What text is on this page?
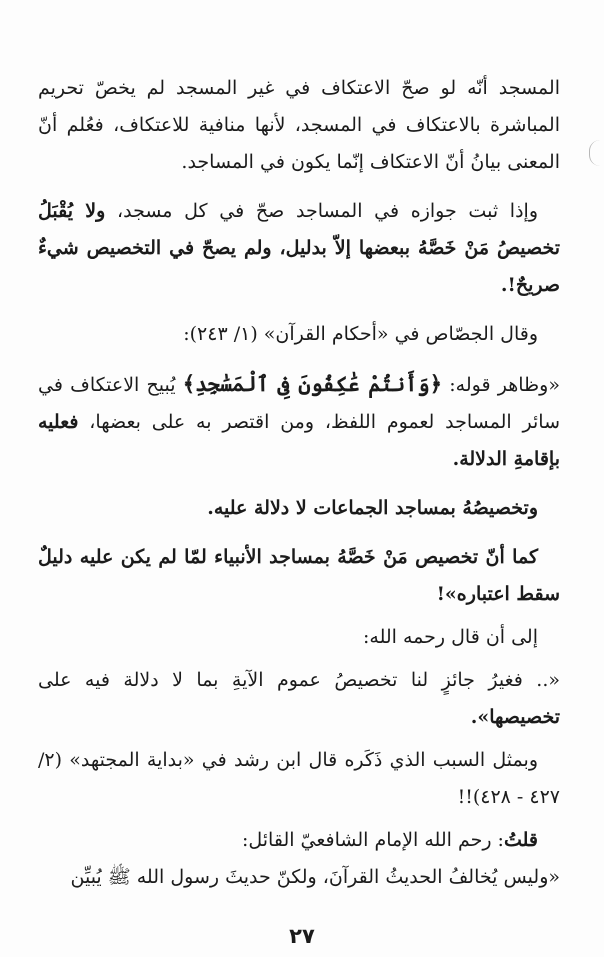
المسجد أنّه لو صحّ الاعتكاف في غير المسجد لم يخصّ تحريم المباشرة بالاعتكاف في المسجد، لأنها منافية للاعتكاف، فعُلم أنّ المعنى بيانُ أنّ الاعتكاف إنّما يكون في المساجد.

وإذا ثبت جوازه في المساجد صحّ في كل مسجد، ولا يُقْبَلُ تخصيصُ مَنْ خَصَّهُ ببعضها إلاّ بدليل، ولم يصحّ في التخصيص شيءٌ صريحٌ!.

وقال الجصّاص في «أحكام القرآن» (١/ ٢٤٣):

«وظاهر قوله: ﴿وَأَنتُمْ عَٰكِفُونَ فِى ٱلْمَسَٰجِدِ﴾ يُبيح الاعتكاف في سائر المساجد لعموم اللفظ، ومن اقتصر به على بعضها، فعليه بإقامةِ الدلالة.

وتخصيصُهُ بمساجد الجماعات لا دلالة عليه.

كما أنّ تخصيص مَنْ خَصَّهُ بمساجد الأنبياء لمّا لم يكن عليه دليلٌ سقط اعتباره»!

إلى أن قال رحمه الله:

«.. فغيرُ جائزٍ لنا تخصيصُ عموم الآيةِ بما لا دلالة فيه على تخصيصها».

وبمثل السبب الذي ذَكَره قال ابن رشد في «بداية المجتهد» (٢/ ٤٢٧ - ٤٢٨)!!

قلتُ: رحم الله الإمام الشافعيّ القائل:

«وليس يُخالفُ الحديثُ القرآنَ، ولكنّ حديثَ رسول الله ﷺ يُبيِّن

٢٧
